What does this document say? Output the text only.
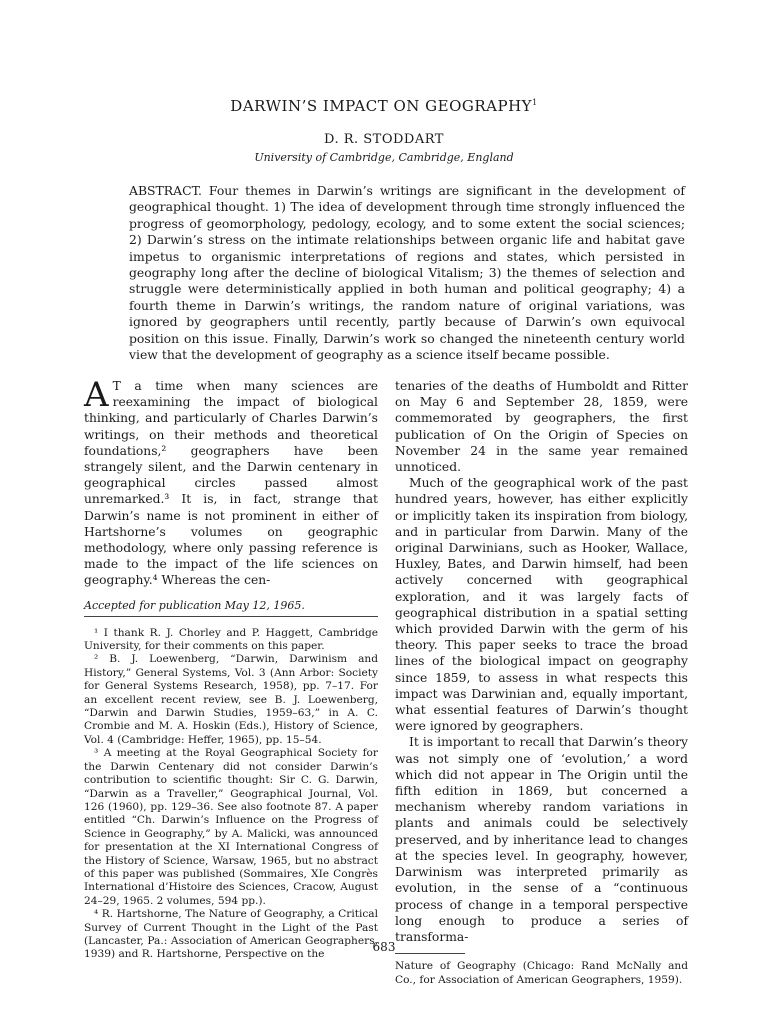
DARWIN’S IMPACT ON GEOGRAPHY$^1$
D. R. STODDART
University of Cambridge, Cambridge, England
ABSTRACT. Four themes in Darwin’s writings are significant in the development of geographical thought. 1) The idea of development through time strongly influenced the progress of geomorphology, pedology, ecology, and to some extent the social sciences; 2) Darwin’s stress on the intimate relationships between organic life and habitat gave impetus to organismic interpretations of regions and states, which persisted in geography long after the decline of biological Vitalism; 3) the themes of selection and struggle were deterministically applied in both human and political geography; 4) a fourth theme in Darwin’s writings, the random nature of original variations, was ignored by geographers until recently, partly because of Darwin’s own equivocal position on this issue. Finally, Darwin’s work so changed the nineteenth century world view that the development of geography as a science itself became possible.
A T a time when many sciences are reexamining the impact of biological thinking, and particularly of Charles Darwin’s writings, on their methods and theoretical foundations,² geographers have been strangely silent, and the Darwin centenary in geographical circles passed almost unremarked.³ It is, in fact, strange that Darwin’s name is not prominent in either of Hartshorne’s volumes on geographic methodology, where only passing reference is made to the impact of the life sciences on geography.⁴ Whereas the cen-
Accepted for publication May 12, 1965.

¹ I thank R. J. Chorley and P. Haggett, Cambridge University, for their comments on this paper.

² B. J. Loewenberg, “Darwin, Darwinism and History,” General Systems, Vol. 3 (Ann Arbor: Society for General Systems Research, 1958), pp. 7–17. For an excellent recent review, see B. J. Loewenberg, “Darwin and Darwin Studies, 1959–63,” in A. C. Crombie and M. A. Hoskin (Eds.), History of Science, Vol. 4 (Cambridge: Heffer, 1965), pp. 15–54.

³ A meeting at the Royal Geographical Society for the Darwin Centenary did not consider Darwin’s contribution to scientific thought: Sir C. G. Darwin, “Darwin as a Traveller,” Geographical Journal, Vol. 126 (1960), pp. 129–36. See also footnote 87. A paper entitled “Ch. Darwin’s Influence on the Progress of Science in Geography,” by A. Malicki, was announced for presentation at the XI International Congress of the History of Science, Warsaw, 1965, but no abstract of this paper was published (Sommaires, XIe Congrès International d’Histoire des Sciences, Cracow, August 24–29, 1965. 2 volumes, 594 pp.).

⁴ R. Hartshorne, The Nature of Geography, a Critical Survey of Current Thought in the Light of the Past (Lancaster, Pa.: Association of American Geographers, 1939) and R. Hartshorne, Perspective on the

tenaries of the deaths of Humboldt and Ritter on May 6 and September 28, 1859, were commemorated by geographers, the first publication of On the Origin of Species on November 24 in the same year remained unnoticed.

Much of the geographical work of the past hundred years, however, has either explicitly or implicitly taken its inspiration from biology, and in particular from Darwin. Many of the original Darwinians, such as Hooker, Wallace, Huxley, Bates, and Darwin himself, had been actively concerned with geographical exploration, and it was largely facts of geographical distribution in a spatial setting which provided Darwin with the germ of his theory. This paper seeks to trace the broad lines of the biological impact on geography since 1859, to assess in what respects this impact was Darwinian and, equally important, what essential features of Darwin’s thought were ignored by geographers.

It is important to recall that Darwin’s theory was not simply one of ‘evolution,’ a word which did not appear in The Origin until the fifth edition in 1869, but concerned a mechanism whereby random variations in plants and animals could be selectively preserved, and by inheritance lead to changes at the species level. In geography, however, Darwinism was interpreted primarily as evolution, in the sense of a “continuous process of change in a temporal perspective long enough to produce a series of transforma-

Nature of Geography (Chicago: Rand McNally and Co., for Association of American Geographers, 1959).
683
